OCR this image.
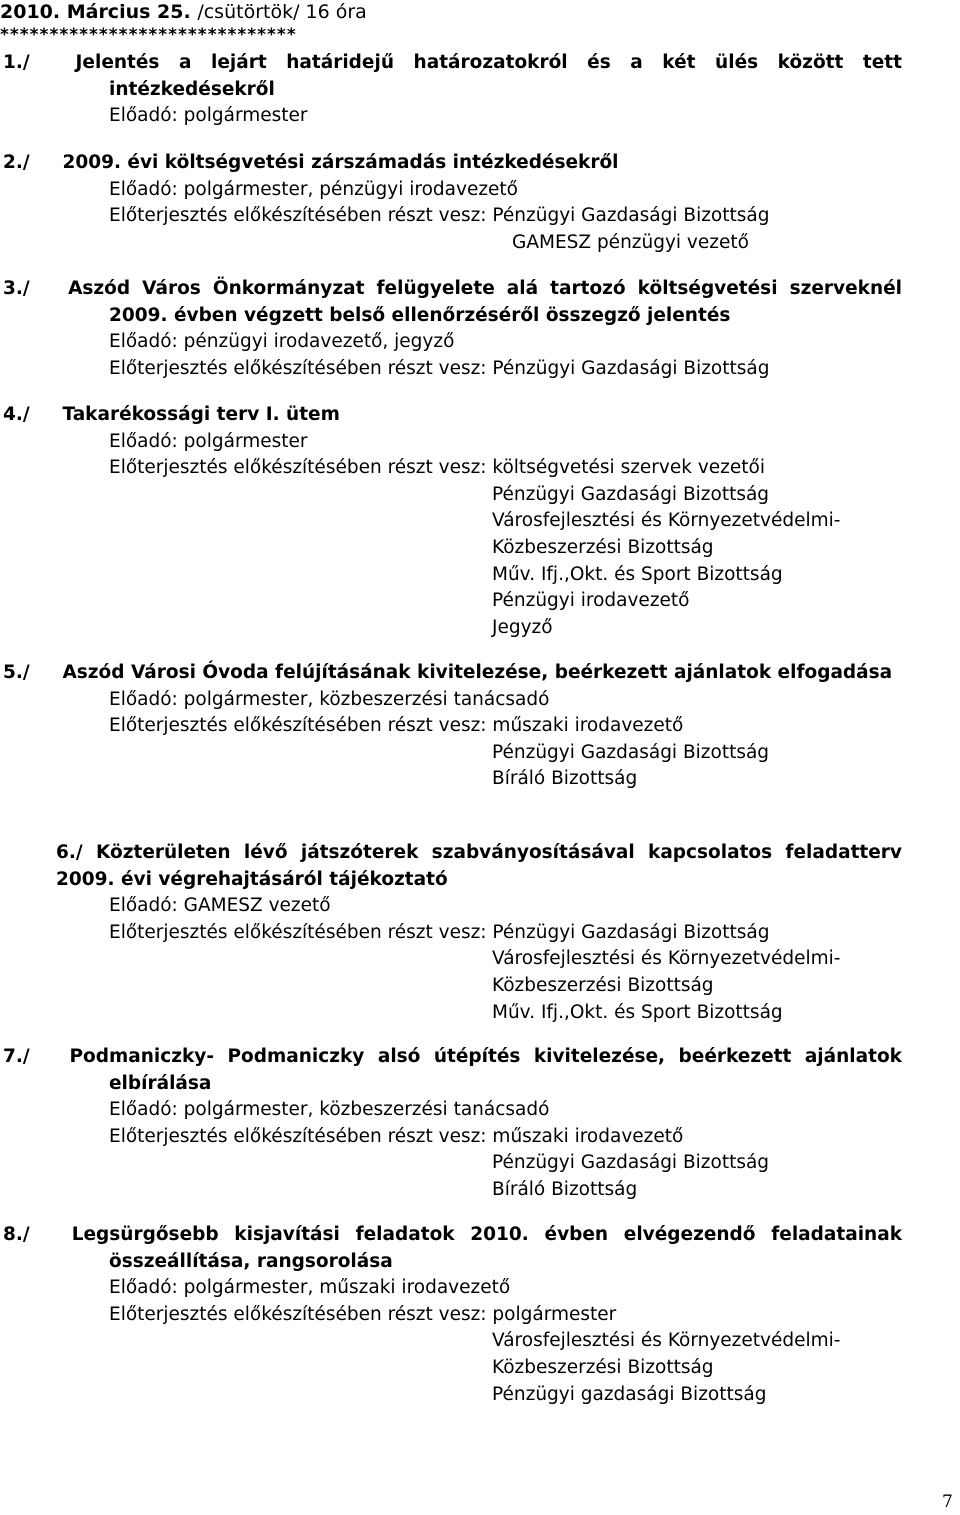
2010. Március 25. /csütörtök/ 16 óra
******************************
1./ Jelentés a lejárt határidejű határozatokról és a két ülés között tett intézkedésekről
Előadó: polgármester
2./ 2009. évi költségvetési zárszámadás intézkedésekről
Előadó: polgármester, pénzügyi irodavezető
Előterjesztés előkészítésében részt vesz: Pénzügyi Gazdasági Bizottság
GAMESZ pénzügyi vezető
3./ Aszód Város Önkormányzat felügyelete alá tartozó költségvetési szerveknél 2009. évben végzett belső ellenőrzéséről összegző jelentés
Előadó: pénzügyi irodavezető, jegyző
Előterjesztés előkészítésében részt vesz: Pénzügyi Gazdasági Bizottság
4./ Takarékossági terv I. ütem
Előadó: polgármester
Előterjesztés előkészítésében részt vesz: költségvetési szervek vezetői
Pénzügyi Gazdasági Bizottság
Városfejlesztési és Környezetvédelmi-
Közbeszerzési Bizottság
Műv. Ifj.,Okt. és Sport Bizottság
Pénzügyi irodavezető
Jegyző
5./ Aszód Városi Óvoda felújításának kivitelezése, beérkezett ajánlatok elfogadása
Előadó: polgármester, közbeszerzési tanácsadó
Előterjesztés előkészítésében részt vesz: műszaki irodavezető
Pénzügyi Gazdasági Bizottság
Bíráló Bizottság
6./ Közterületen lévő játszóterek szabványosításával kapcsolatos feladatterv 2009. évi végrehajtásáról tájékoztató
Előadó: GAMESZ vezető
Előterjesztés előkészítésében részt vesz: Pénzügyi Gazdasági Bizottság
Városfejlesztési és Környezetvédelmi-
Közbeszerzési Bizottság
Műv. Ifj.,Okt. és Sport Bizottság
7./ Podmaniczky- Podmaniczky alsó útépítés kivitelezése, beérkezett ajánlatok elbírálása
Előadó: polgármester, közbeszerzési tanácsadó
Előterjesztés előkészítésében részt vesz: műszaki irodavezető
Pénzügyi Gazdasági Bizottság
Bíráló Bizottság
8./ Legsürgősebb kisjavítási feladatok 2010. évben elvégezendő feladatainak összeállítása, rangsorolása
Előadó: polgármester, műszaki irodavezető
Előterjesztés előkészítésében részt vesz: polgármester
Városfejlesztési és Környezetvédelmi-
Közbeszerzési Bizottság
Pénzügyi gazdasági Bizottság
7
